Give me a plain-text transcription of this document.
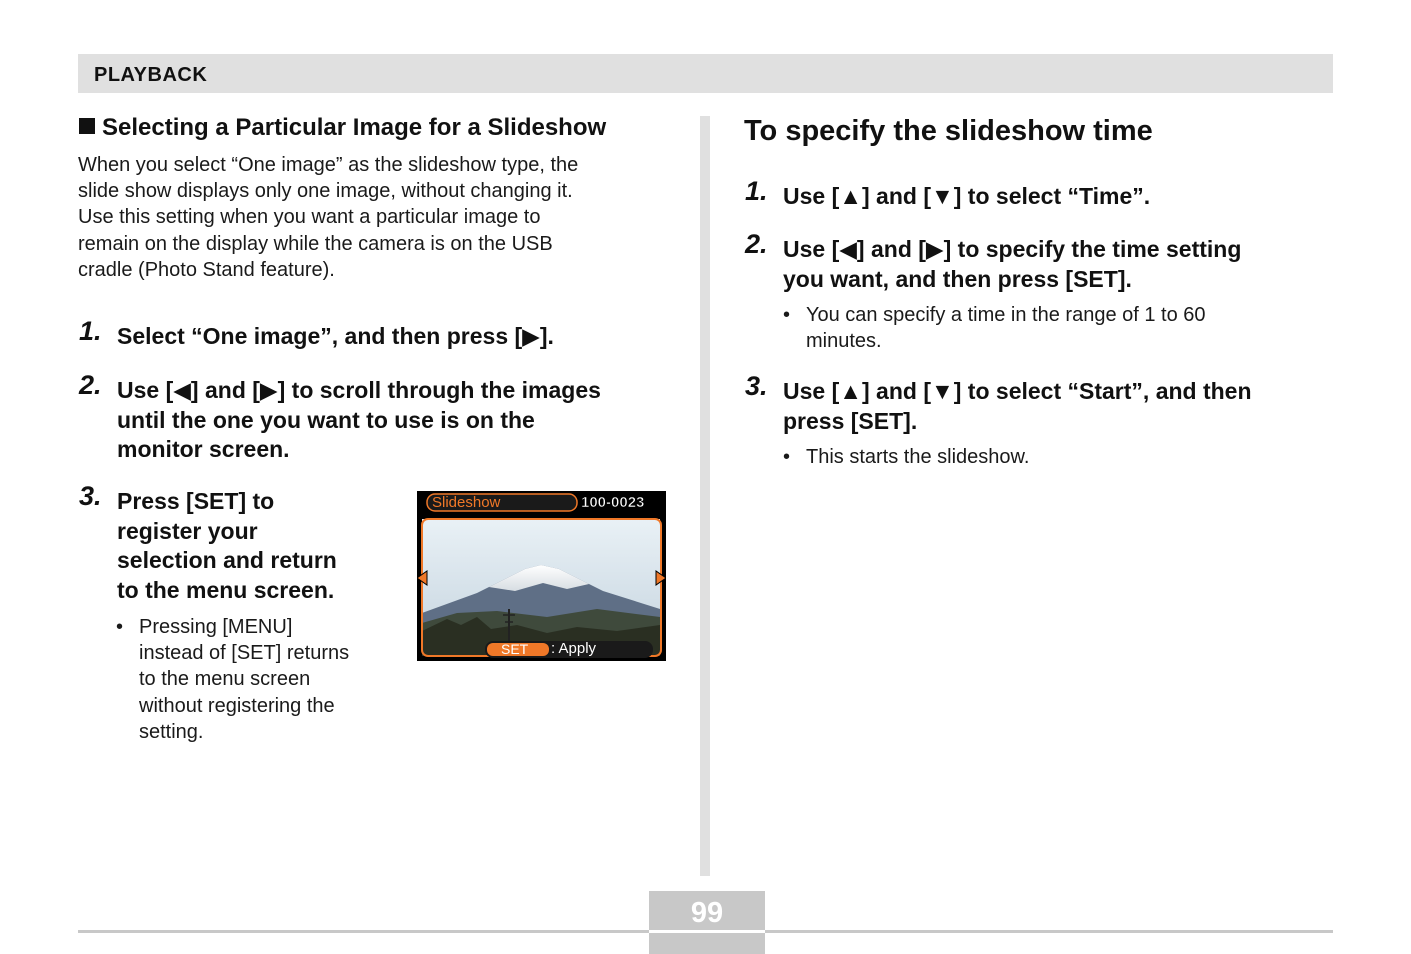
PLAYBACK
Selecting a Particular Image for a Slideshow

When you select “One image” as the slideshow type, the
slide show displays only one image, without changing it.
Use this setting when you want a particular image to
remain on the display while the camera is on the USB
cradle (Photo Stand feature).

1. Select “One image”, and then press [▶].
2. Use [◀] and [▶] to scroll through the images
until the one you want to use is on the
monitor screen.
3. Press [SET] to
register your
selection and return
to the menu screen.
• Pressing [MENU]
instead of [SET] returns
to the menu screen
without registering the
setting.
Slideshow	100-0023
SET : Apply
To specify the slideshow time
1. Use [▲] and [▼] to select “Time”.
2. Use [◀] and [▶] to specify the time setting
you want, and then press [SET].
• You can specify a time in the range of 1 to 60
minutes.
3. Use [▲] and [▼] to select “Start”, and then
press [SET].
• This starts the slideshow.
99
